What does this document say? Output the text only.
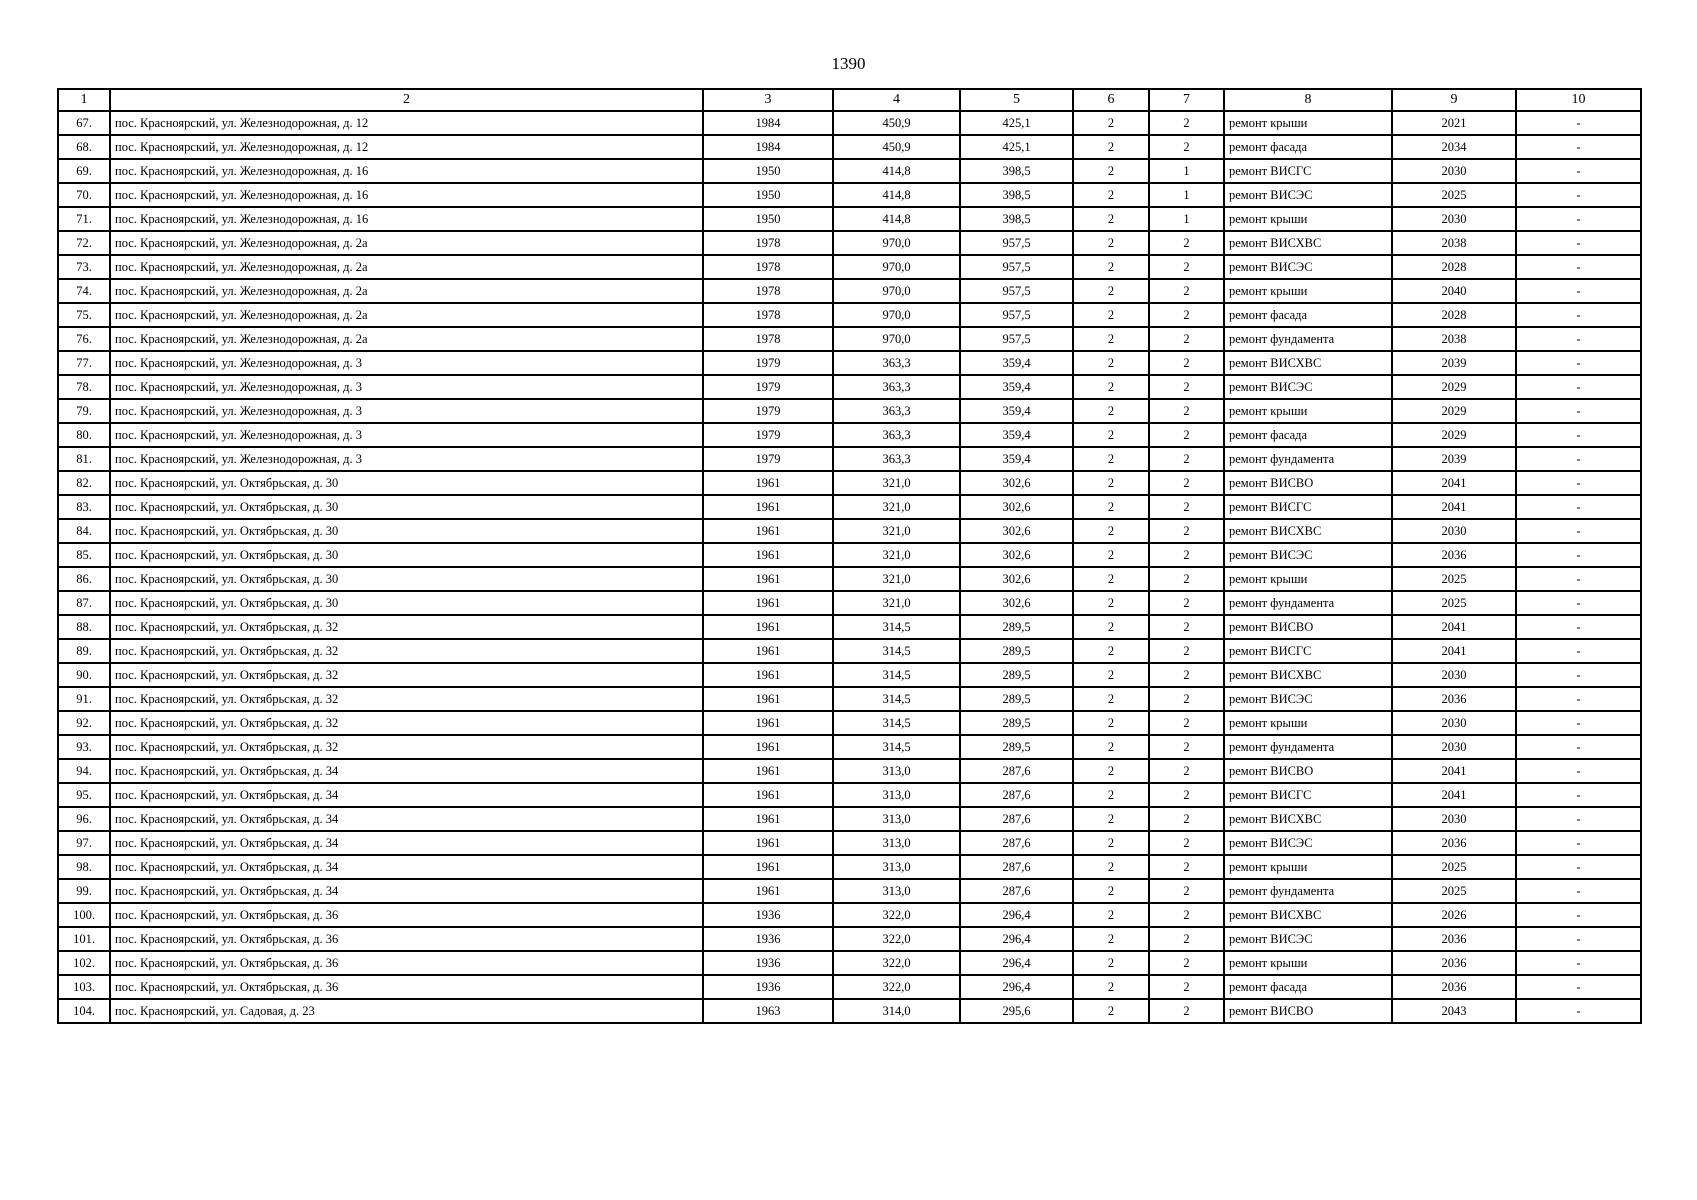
1390
1	2	3	4	5	6	7	8	9	10
67.	пос. Красноярский, ул. Железнодорожная, д. 12	1984	450,9	425,1	2	2	ремонт крыши	2021	-
68.	пос. Красноярский, ул. Железнодорожная, д. 12	1984	450,9	425,1	2	2	ремонт фасада	2034	-
69.	пос. Красноярский, ул. Железнодорожная, д. 16	1950	414,8	398,5	2	1	ремонт ВИСГС	2030	-
70.	пос. Красноярский, ул. Железнодорожная, д. 16	1950	414,8	398,5	2	1	ремонт ВИСЭС	2025	-
71.	пос. Красноярский, ул. Железнодорожная, д. 16	1950	414,8	398,5	2	1	ремонт крыши	2030	-
72.	пос. Красноярский, ул. Железнодорожная, д. 2а	1978	970,0	957,5	2	2	ремонт ВИСХВС	2038	-
73.	пос. Красноярский, ул. Железнодорожная, д. 2а	1978	970,0	957,5	2	2	ремонт ВИСЭС	2028	-
74.	пос. Красноярский, ул. Железнодорожная, д. 2а	1978	970,0	957,5	2	2	ремонт крыши	2040	-
75.	пос. Красноярский, ул. Железнодорожная, д. 2а	1978	970,0	957,5	2	2	ремонт фасада	2028	-
76.	пос. Красноярский, ул. Железнодорожная, д. 2а	1978	970,0	957,5	2	2	ремонт фундамента	2038	-
77.	пос. Красноярский, ул. Железнодорожная, д. 3	1979	363,3	359,4	2	2	ремонт ВИСХВС	2039	-
78.	пос. Красноярский, ул. Железнодорожная, д. 3	1979	363,3	359,4	2	2	ремонт ВИСЭС	2029	-
79.	пос. Красноярский, ул. Железнодорожная, д. 3	1979	363,3	359,4	2	2	ремонт крыши	2029	-
80.	пос. Красноярский, ул. Железнодорожная, д. 3	1979	363,3	359,4	2	2	ремонт фасада	2029	-
81.	пос. Красноярский, ул. Железнодорожная, д. 3	1979	363,3	359,4	2	2	ремонт фундамента	2039	-
82.	пос. Красноярский, ул. Октябрьская, д. 30	1961	321,0	302,6	2	2	ремонт ВИСВО	2041	-
83.	пос. Красноярский, ул. Октябрьская, д. 30	1961	321,0	302,6	2	2	ремонт ВИСГС	2041	-
84.	пос. Красноярский, ул. Октябрьская, д. 30	1961	321,0	302,6	2	2	ремонт ВИСХВС	2030	-
85.	пос. Красноярский, ул. Октябрьская, д. 30	1961	321,0	302,6	2	2	ремонт ВИСЭС	2036	-
86.	пос. Красноярский, ул. Октябрьская, д. 30	1961	321,0	302,6	2	2	ремонт крыши	2025	-
87.	пос. Красноярский, ул. Октябрьская, д. 30	1961	321,0	302,6	2	2	ремонт фундамента	2025	-
88.	пос. Красноярский, ул. Октябрьская, д. 32	1961	314,5	289,5	2	2	ремонт ВИСВО	2041	-
89.	пос. Красноярский, ул. Октябрьская, д. 32	1961	314,5	289,5	2	2	ремонт ВИСГС	2041	-
90.	пос. Красноярский, ул. Октябрьская, д. 32	1961	314,5	289,5	2	2	ремонт ВИСХВС	2030	-
91.	пос. Красноярский, ул. Октябрьская, д. 32	1961	314,5	289,5	2	2	ремонт ВИСЭС	2036	-
92.	пос. Красноярский, ул. Октябрьская, д. 32	1961	314,5	289,5	2	2	ремонт крыши	2030	-
93.	пос. Красноярский, ул. Октябрьская, д. 32	1961	314,5	289,5	2	2	ремонт фундамента	2030	-
94.	пос. Красноярский, ул. Октябрьская, д. 34	1961	313,0	287,6	2	2	ремонт ВИСВО	2041	-
95.	пос. Красноярский, ул. Октябрьская, д. 34	1961	313,0	287,6	2	2	ремонт ВИСГС	2041	-
96.	пос. Красноярский, ул. Октябрьская, д. 34	1961	313,0	287,6	2	2	ремонт ВИСХВС	2030	-
97.	пос. Красноярский, ул. Октябрьская, д. 34	1961	313,0	287,6	2	2	ремонт ВИСЭС	2036	-
98.	пос. Красноярский, ул. Октябрьская, д. 34	1961	313,0	287,6	2	2	ремонт крыши	2025	-
99.	пос. Красноярский, ул. Октябрьская, д. 34	1961	313,0	287,6	2	2	ремонт фундамента	2025	-
100.	пос. Красноярский, ул. Октябрьская, д. 36	1936	322,0	296,4	2	2	ремонт ВИСХВС	2026	-
101.	пос. Красноярский, ул. Октябрьская, д. 36	1936	322,0	296,4	2	2	ремонт ВИСЭС	2036	-
102.	пос. Красноярский, ул. Октябрьская, д. 36	1936	322,0	296,4	2	2	ремонт крыши	2036	-
103.	пос. Красноярский, ул. Октябрьская, д. 36	1936	322,0	296,4	2	2	ремонт фасада	2036	-
104.	пос. Красноярский, ул. Садовая, д. 23	1963	314,0	295,6	2	2	ремонт ВИСВО	2043	-
